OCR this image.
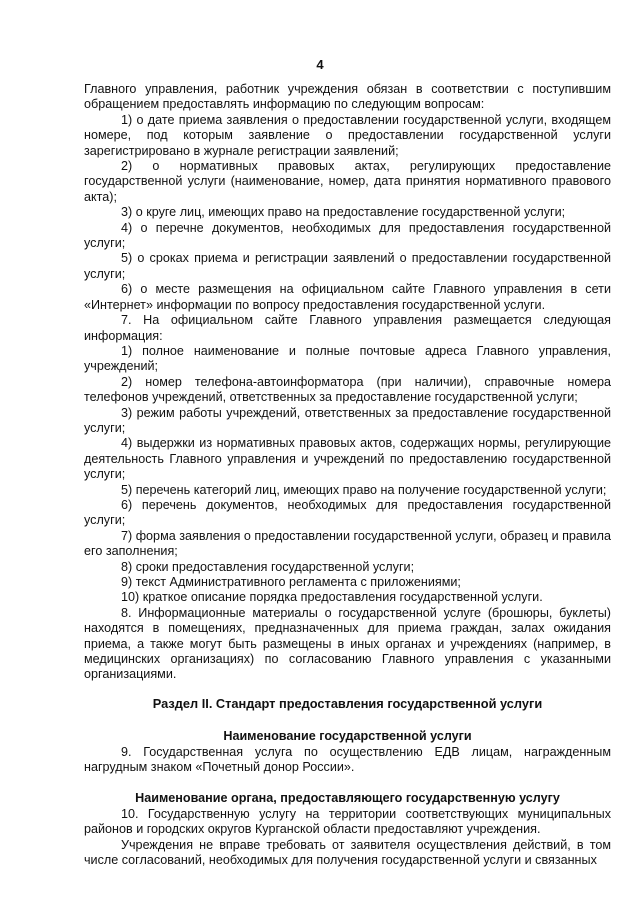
4

Главного управления, работник учреждения обязан в соответствии с поступившим обращением предоставлять информацию по следующим вопросам:

1) о дате приема заявления о предоставлении государственной услуги, входящем номере, под которым заявление о предоставлении государственной услуги зарегистрировано в журнале регистрации заявлений;

2) о нормативных правовых актах, регулирующих предоставление государственной услуги (наименование, номер, дата принятия нормативного правового акта);

3) о круге лиц, имеющих право на предоставление государственной услуги;

4) о перечне документов, необходимых для предоставления государственной услуги;

5) о сроках приема и регистрации заявлений о предоставлении государственной услуги;

6) о месте размещения на официальном сайте Главного управления в сети «Интернет» информации по вопросу предоставления государственной услуги.

7. На официальном сайте Главного управления размещается следующая информация:

1) полное наименование и полные почтовые адреса Главного управления, учреждений;

2) номер телефона-автоинформатора (при наличии), справочные номера телефонов учреждений, ответственных за предоставление государственной услуги;

3) режим работы учреждений, ответственных за предоставление государственной услуги;

4) выдержки из нормативных правовых актов, содержащих нормы, регулирующие деятельность Главного управления и учреждений по предоставлению государственной услуги;

5) перечень категорий лиц, имеющих право на получение государственной услуги;

6) перечень документов, необходимых для предоставления государственной услуги;

7) форма заявления о предоставлении государственной услуги, образец и правила его заполнения;

8) сроки предоставления государственной услуги;

9) текст Административного регламента с приложениями;

10) краткое описание порядка предоставления государственной услуги.

8. Информационные материалы о государственной услуге (брошюры, буклеты) находятся в помещениях, предназначенных для приема граждан, залах ожидания приема, а также могут быть размещены в иных органах и учреждениях (например, в медицинских организациях) по согласованию Главного управления с указанными организациями.

Раздел II. Стандарт предоставления государственной услуги
Наименование государственной услуги

9. Государственная услуга по осуществлению ЕДВ лицам, награжденным нагрудным знаком «Почетный донор России».

Наименование органа, предоставляющего государственную услугу

10. Государственную услугу на территории соответствующих муниципальных районов и городских округов Курганской области предоставляют учреждения.

Учреждения не вправе требовать от заявителя осуществления действий, в том числе согласований, необходимых для получения государственной услуги и связанных
